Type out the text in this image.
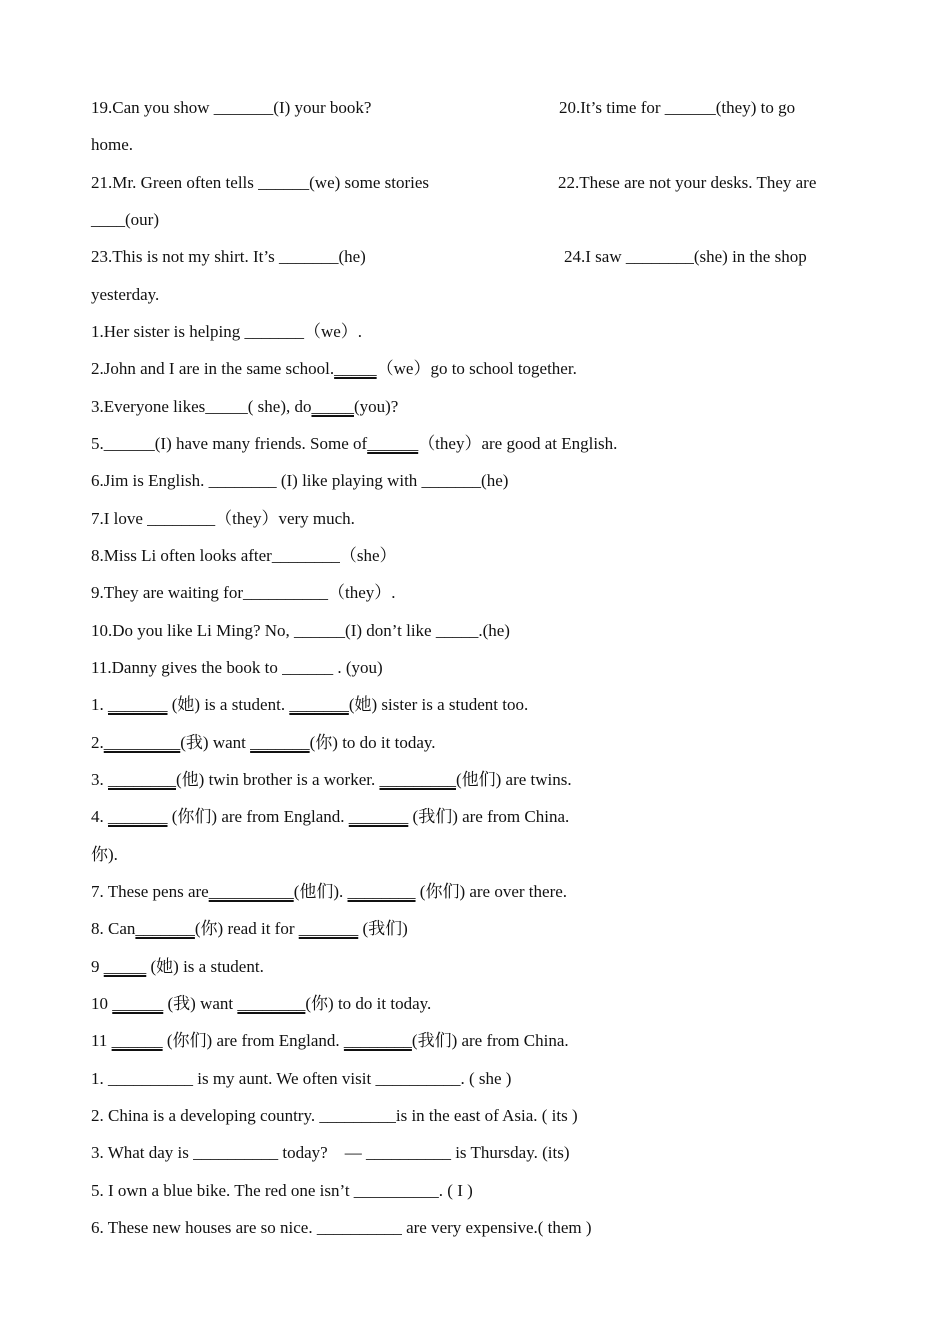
19.Can you show _______(I) your book?	20.It’s time for ______(they) to go
home.
21.Mr. Green often tells ______(we) some stories	22.These are not your desks. They are
____(our)
23.This is not my shirt. It’s _______(he)	24.I saw ________(she) in the shop
yesterday.
1.Her sister is helping _______（we）.
2.John and I are in the same school._____（we）go to school together.
3.Everyone likes_____( she), do_____(you)?
5.______(I) have many friends. Some of______（they）are good at English.
6.Jim is English. ________ (I) like playing with _______(he)
7.I love ________（they）very much.
8.Miss Li often looks after________（she）
9.They are waiting for__________（they）.
10.Do you like Li Ming? No, ______(I) don’t like _____.(he)
11.Danny gives the book to ______ . (you)
1. _______ (她) is a student. _______(她) sister is a student too.
2._________(我) want _______(你) to do it today.
3. ________(他) twin brother is a worker. _________(他们) are twins.
4. _______ (你们) are from England. _______ (我们) are from China.
你).
7. These pens are__________(他们). ________ (你们) are over there.
8. Can_______(你) read it for _______ (我们)
9 _____ (她) is a student.
10 ______ (我) want ________(你) to do it today.
11 ______ (你们) are from England. ________(我们) are from China.
1. __________ is my aunt. We often visit __________. ( she )
2. China is a developing country. _________is in the east of Asia. ( its )
3. What day is __________ today?    — __________ is Thursday. (its)
5. I own a blue bike. The red one isn’t __________. ( I )
6. These new houses are so nice. __________ are very expensive.( them )
